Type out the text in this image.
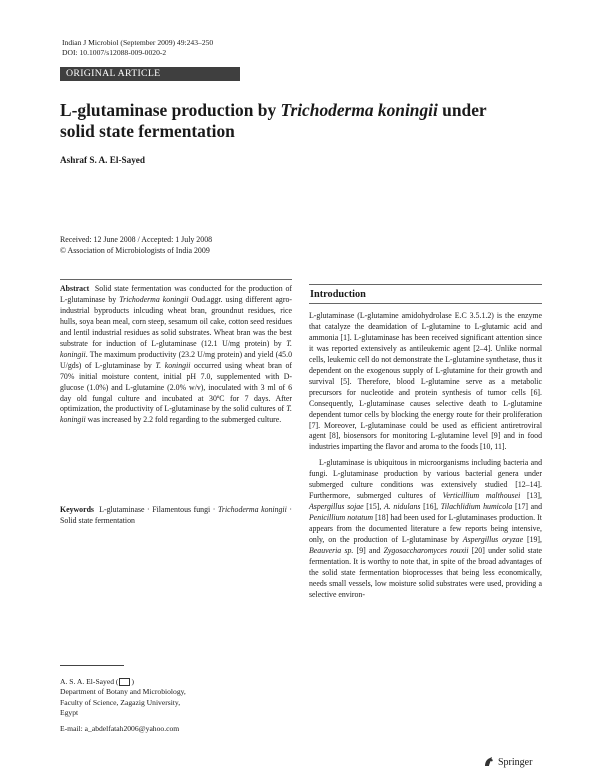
Indian J Microbiol (September 2009) 49:243–250
DOI: 10.1007/s12088-009-0020-2
ORIGINAL ARTICLE
L-glutaminase production by Trichoderma koningii under
solid state fermentation
Ashraf S. A. El-Sayed
Received: 12 June 2008 / Accepted: 1 July 2008
© Association of Microbiologists of India 2009

Abstract Solid state fermentation was conducted for the production of L-glutaminase by Trichoderma koningii Oud.aggr. using different agro-industrial byproducts inlcuding wheat bran, groundnut residues, rice hulls, soya bean meal, corn steep, sesamum oil cake, cotton seed residues and lentil industrial residues as solid substrates. Wheat bran was the best substrate for induction of L-glutaminase (12.1 U/mg protein) by T. koningii. The maximum productivity (23.2 U/mg protein) and yield (45.0 U/gds) of L-glutaminase by T. koningii occurred using wheat bran of 70% initial moisture content, initial pH 7.0, supplemented with D-glucose (1.0%) and L-glutamine (2.0% w/v), inoculated with 3 ml of 6 day old fungal culture and incubated at 30ºC for 7 days. After optimization, the productivity of L-glutaminase by the solid cultures of T. koningii was increased by 2.2 fold regarding to the submerged culture.

Keywords L-glutaminase · Filamentous fungi · Trichoderma koningii · Solid state fermentation

A. S. A. El-Sayed ( )
Department of Botany and Microbiology,
Faculty of Science, Zagazig University,
Egypt
E-mail: a_abdelfatah2006@yahoo.com
Introduction

L-glutaminase (L-glutamine amidohydrolase E.C 3.5.1.2) is the enzyme that catalyze the deamidation of L-glutamine to L-glutamic acid and ammonia [1]. L-glutaminase has been received significant attention since it was reported extensively as antileukemic agent [2–4]. Unlike normal cells, leukemic cell do not demonstrate the L-glutamine synthetase, thus it dependent on the exogenous supply of L-glutamine for their growth and survival [5]. Therefore, blood L-glutamine serve as a metabolic precursors for nucleotide and protein synthesis of tumor cells [6]. Consequently, L-glutaminase causes selective death to L-glutamine dependent tumor cells by blocking the energy route for their proliferation [7]. Moreover, L-glutaminase could be used as efficient antiretroviral agent [8], biosensors for monitoring L-glutamine level [9] and in food industries imparting the flavor and aroma to the foods [10, 11].

L-glutaminase is ubiquitous in microorganisms including bacteria and fungi. L-glutaminase production by various bacterial genera under submerged culture conditions was extensively studied [12–14]. Furthermore, submerged cultures of Verticillium malthousei [13], Aspergillus sojae [15], A. nidulans [16], Tilachlidium humicola [17] and Penicillium notatum [18] had been used for L-glutaminases production. It appears from the documented literature a few reports being intensive, only, on the production of L-glutaminase by Aspergillus oryzae [19], Beauveria sp. [9] and Zygosaccharomyces rouxii [20] under solid state fermentation. It is worthy to note that, in spite of the broad advantages of the solid state fermentation bioprocesses that being less economically, needs small vessels, low moisture solid substrates were used, providing a selective environ-

Springer
